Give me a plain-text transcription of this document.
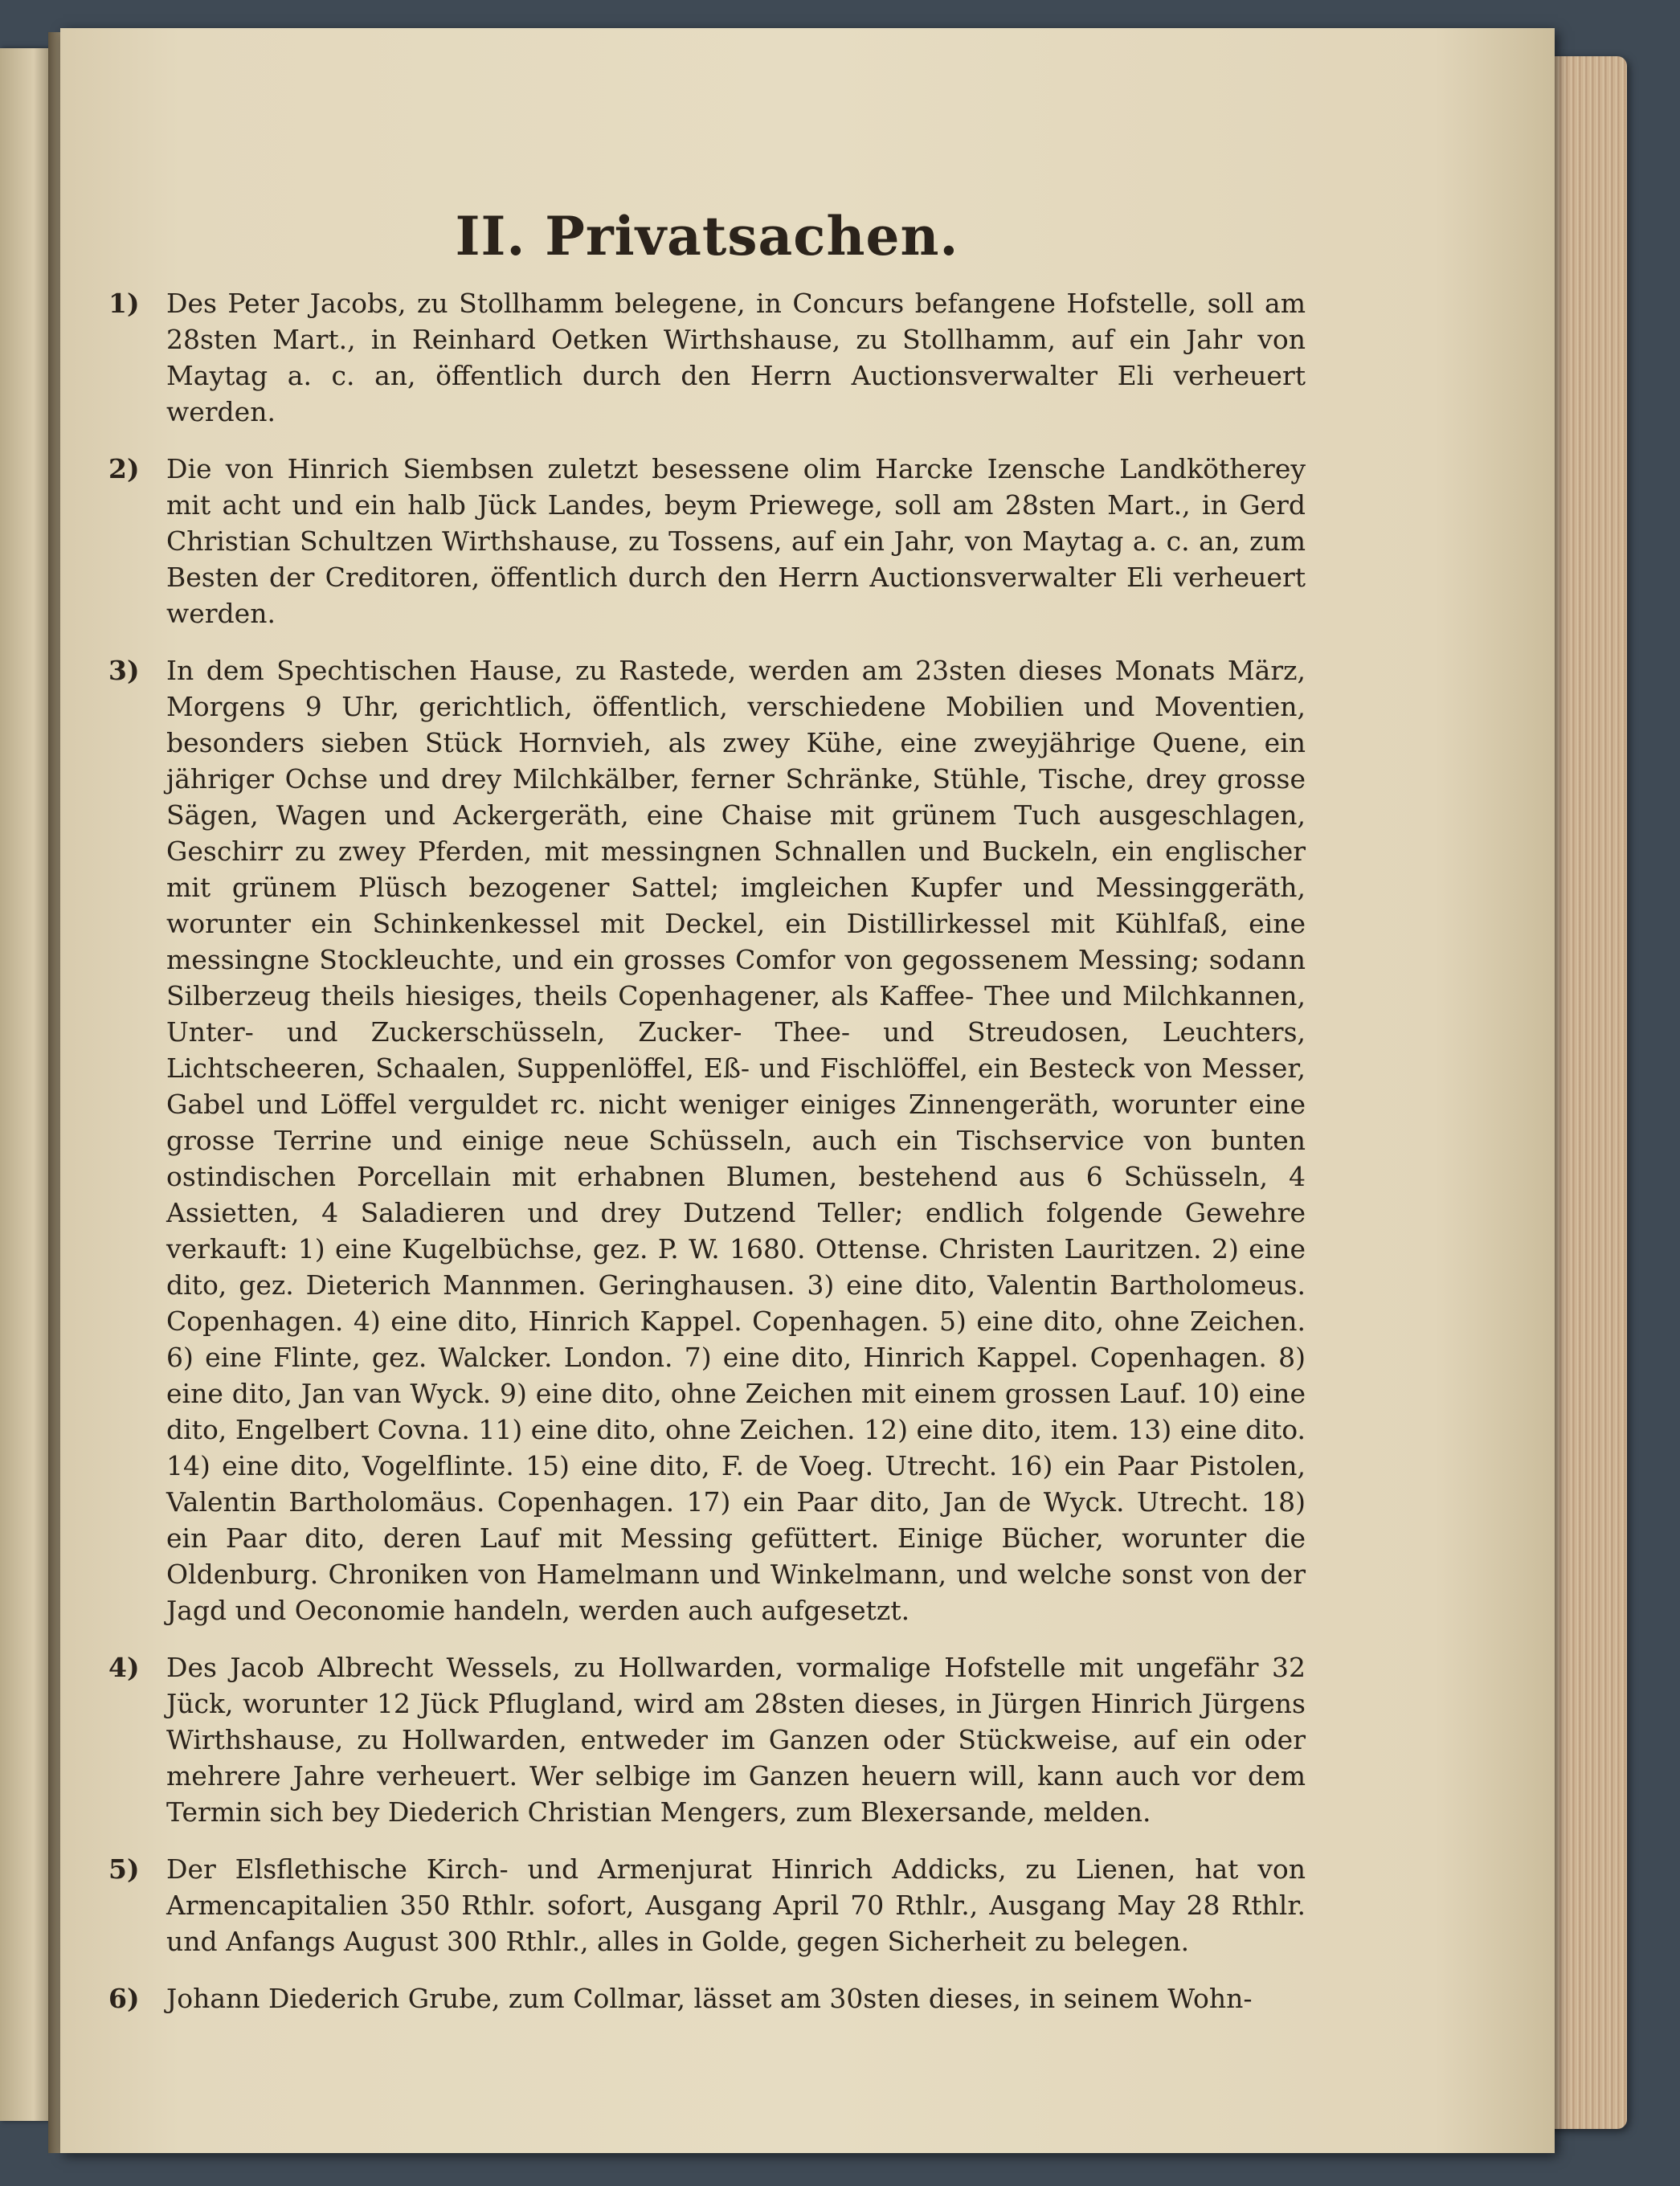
II. Privatsachen.
1)	Des Peter Jacobs, zu Stollhamm belegene, in Concurs befangene Hofstelle, soll am 28sten Mart., in Reinhard Oetken Wirthshause, zu Stollhamm, auf ein Jahr von Maytag a. c. an, öffentlich durch den Herrn Auctionsverwalter Eli verheuert werden.
2)	Die von Hinrich Siembsen zuletzt besessene olim Harcke Izensche Landkötherey mit acht und ein halb Jück Landes, beym Priewege, soll am 28sten Mart., in Gerd Christian Schultzen Wirthshause, zu Tossens, auf ein Jahr, von Maytag a. c. an, zum Besten der Creditoren, öffentlich durch den Herrn Auctionsverwalter Eli verheuert werden.
3)	In dem Spechtischen Hause, zu Rastede, werden am 23sten dieses Monats März, Morgens 9 Uhr, gerichtlich, öffentlich, verschiedene Mobilien und Moventien, besonders sieben Stück Hornvieh, als zwey Kühe, eine zweyjährige Quene, ein jähriger Ochse und drey Milchkälber, ferner Schränke, Stühle, Tische, drey grosse Sägen, Wagen und Ackergeräth, eine Chaise mit grünem Tuch ausgeschlagen, Geschirr zu zwey Pferden, mit messingnen Schnallen und Buckeln, ein englischer mit grünem Plüsch bezogener Sattel; imgleichen Kupfer und Messinggeräth, worunter ein Schinkenkessel mit Deckel, ein Distillirkessel mit Kühlfaß, eine messingne Stockleuchte, und ein grosses Comfor von gegossenem Messing; sodann Silberzeug theils hiesiges, theils Copenhagener, als Kaffee- Thee und Milchkannen, Unter- und Zuckerschüsseln, Zucker- Thee- und Streudosen, Leuchters, Lichtscheeren, Schaalen, Suppenlöffel, Eß- und Fischlöffel, ein Besteck von Messer, Gabel und Löffel verguldet rc. nicht weniger einiges Zinnengeräth, worunter eine grosse Terrine und einige neue Schüsseln, auch ein Tischservice von bunten ostindischen Porcellain mit erhabnen Blumen, bestehend aus 6 Schüsseln, 4 Assietten, 4 Saladieren und drey Dutzend Teller; endlich folgende Gewehre verkauft: 1) eine Kugelbüchse, gez. P. W. 1680. Ottense. Christen Lauritzen. 2) eine dito, gez. Dieterich Mannmen. Geringhausen. 3) eine dito, Valentin Bartholomeus. Copenhagen. 4) eine dito, Hinrich Kappel. Copenhagen. 5) eine dito, ohne Zeichen. 6) eine Flinte, gez. Walcker. London. 7) eine dito, Hinrich Kappel. Copenhagen. 8) eine dito, Jan van Wyck. 9) eine dito, ohne Zeichen mit einem grossen Lauf. 10) eine dito, Engelbert Covna. 11) eine dito, ohne Zeichen. 12) eine dito, item. 13) eine dito. 14) eine dito, Vogelflinte. 15) eine dito, F. de Voeg. Utrecht. 16) ein Paar Pistolen, Valentin Bartholomäus. Copenhagen. 17) ein Paar dito, Jan de Wyck. Utrecht. 18) ein Paar dito, deren Lauf mit Messing gefüttert. Einige Bücher, worunter die Oldenburg. Chroniken von Hamelmann und Winkelmann, und welche sonst von der Jagd und Oeconomie handeln, werden auch aufgesetzt.
4)	Des Jacob Albrecht Wessels, zu Hollwarden, vormalige Hofstelle mit ungefähr 32 Jück, worunter 12 Jück Pflugland, wird am 28sten dieses, in Jürgen Hinrich Jürgens Wirthshause, zu Hollwarden, entweder im Ganzen oder Stückweise, auf ein oder mehrere Jahre verheuert. Wer selbige im Ganzen heuern will, kann auch vor dem Termin sich bey Diederich Christian Mengers, zum Blexersande, melden.
5)	Der Elsflethische Kirch- und Armenjurat Hinrich Addicks, zu Lienen, hat von Armencapitalien 350 Rthlr. sofort, Ausgang April 70 Rthlr., Ausgang May 28 Rthlr. und Anfangs August 300 Rthlr., alles in Golde, gegen Sicherheit zu belegen.
6)	Johann Diederich Grube, zum Collmar, lässet am 30sten dieses, in seinem Wohn-
